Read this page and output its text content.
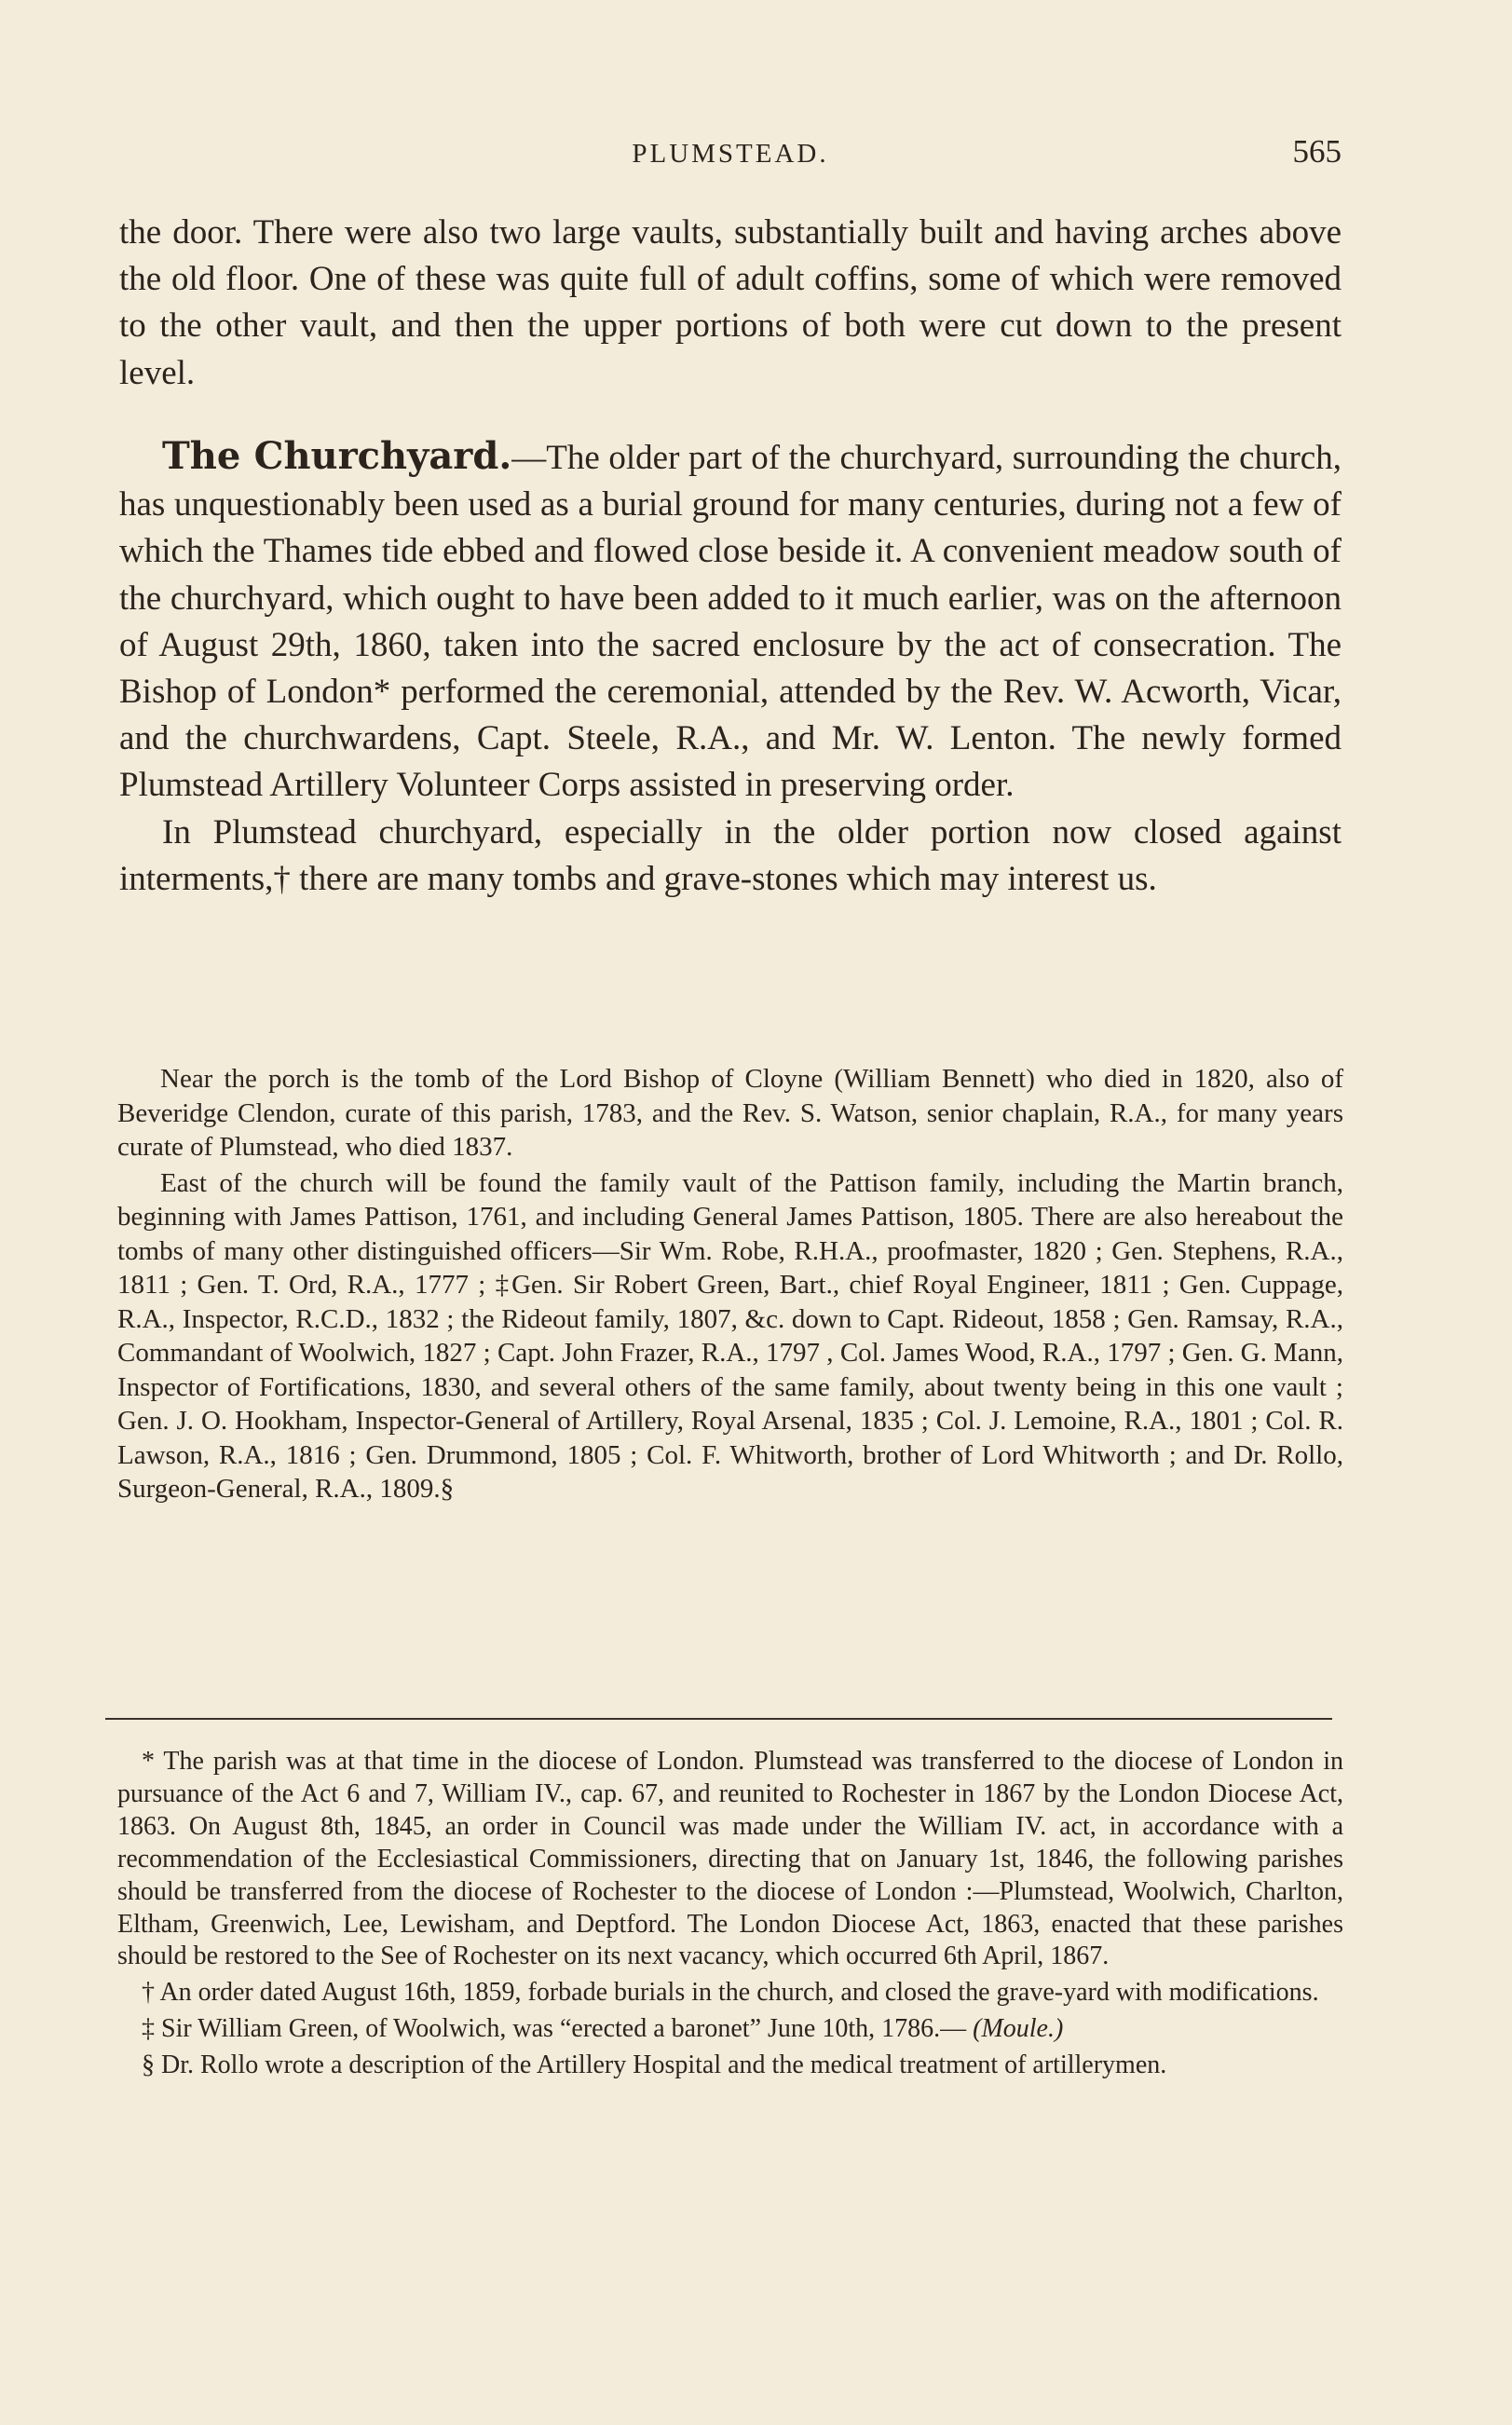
PLUMSTEAD.	565

the door. There were also two large vaults, substantially built and having arches above the old floor. One of these was quite full of adult coffins, some of which were removed to the other vault, and then the upper portions of both were cut down to the present level.

The Churchyard.—The older part of the churchyard, surrounding the church, has unquestionably been used as a burial ground for many centuries, during not a few of which the Thames tide ebbed and flowed close beside it. A convenient meadow south of the churchyard, which ought to have been added to it much earlier, was on the afternoon of August 29th, 1860, taken into the sacred enclosure by the act of consecration. The Bishop of London* performed the ceremonial, attended by the Rev. W. Acworth, Vicar, and the churchwardens, Capt. Steele, R.A., and Mr. W. Lenton. The newly formed Plumstead Artillery Volunteer Corps assisted in preserving order.

In Plumstead churchyard, especially in the older portion now closed against interments,† there are many tombs and grave-stones which may interest us.

Near the porch is the tomb of the Lord Bishop of Cloyne (William Bennett) who died in 1820, also of Beveridge Clendon, curate of this parish, 1783, and the Rev. S. Watson, senior chaplain, R.A., for many years curate of Plumstead, who died 1837.

East of the church will be found the family vault of the Pattison family, including the Martin branch, beginning with James Pattison, 1761, and including General James Pattison, 1805. There are also hereabout the tombs of many other distinguished officers—Sir Wm. Robe, R.H.A., proofmaster, 1820 ; Gen. Stephens, R.A., 1811 ; Gen. T. Ord, R.A., 1777 ; ‡Gen. Sir Robert Green, Bart., chief Royal Engineer, 1811 ; Gen. Cuppage, R.A., Inspector, R.C.D., 1832 ; the Rideout family, 1807, &c. down to Capt. Rideout, 1858 ; Gen. Ramsay, R.A., Commandant of Woolwich, 1827 ; Capt. John Frazer, R.A., 1797 , Col. James Wood, R.A., 1797 ; Gen. G. Mann, Inspector of Fortifications, 1830, and several others of the same family, about twenty being in this one vault ; Gen. J. O. Hookham, Inspector-General of Artillery, Royal Arsenal, 1835 ; Col. J. Lemoine, R.A., 1801 ; Col. R. Lawson, R.A., 1816 ; Gen. Drummond, 1805 ; Col. F. Whitworth, brother of Lord Whitworth ; and Dr. Rollo, Surgeon-General, R.A., 1809.§

* The parish was at that time in the diocese of London. Plumstead was transferred to the diocese of London in pursuance of the Act 6 and 7, William IV., cap. 67, and reunited to Rochester in 1867 by the London Diocese Act, 1863. On August 8th, 1845, an order in Council was made under the William IV. act, in accordance with a recommendation of the Ecclesiastical Commissioners, directing that on January 1st, 1846, the following parishes should be transferred from the diocese of Rochester to the diocese of London :—Plumstead, Woolwich, Charlton, Eltham, Greenwich, Lee, Lewisham, and Deptford. The London Diocese Act, 1863, enacted that these parishes should be restored to the See of Rochester on its next vacancy, which occurred 6th April, 1867.

† An order dated August 16th, 1859, forbade burials in the church, and closed the grave-yard with modifications.

‡ Sir William Green, of Woolwich, was “erected a baronet” June 10th, 1786.— (Moule.)

§ Dr. Rollo wrote a description of the Artillery Hospital and the medical treatment of artillerymen.
